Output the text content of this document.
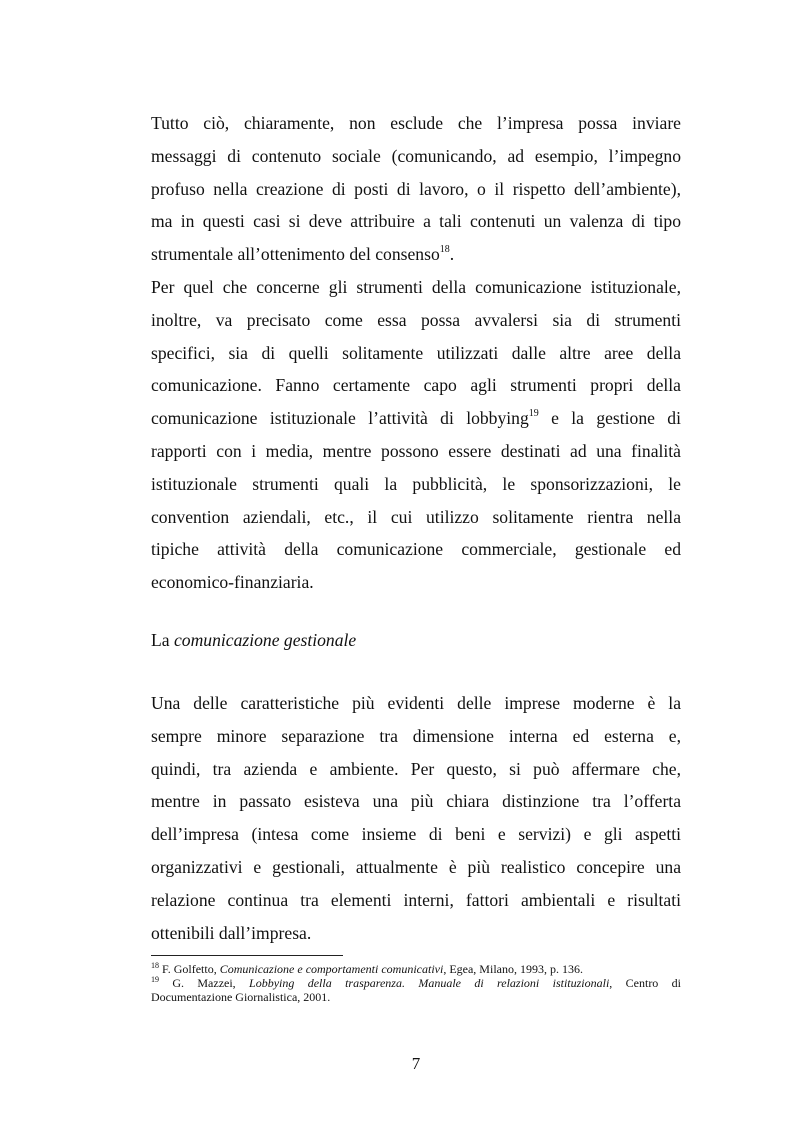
Tutto ciò, chiaramente, non esclude che l’impresa possa inviare
messaggi di contenuto sociale (comunicando, ad esempio, l’impegno
profuso nella creazione di posti di lavoro, o il rispetto dell’ambiente),
ma in questi casi si deve attribuire a tali contenuti un valenza di tipo
strumentale all’ottenimento del consenso$^{18}$.
Per quel che concerne gli strumenti della comunicazione istituzionale,
inoltre, va precisato come essa possa avvalersi sia di strumenti
specifici, sia di quelli solitamente utilizzati dalle altre aree della
comunicazione. Fanno certamente capo agli strumenti propri della
comunicazione istituzionale l’attività di lobbying$^{19}$ e la gestione di
rapporti con i media, mentre possono essere destinati ad una finalità
istituzionale strumenti quali la pubblicità, le sponsorizzazioni, le
convention aziendali, etc., il cui utilizzo solitamente rientra nella
tipiche attività della comunicazione commerciale, gestionale ed
economico-finanziaria.
La comunicazione gestionale
Una delle caratteristiche più evidenti delle imprese moderne è la
sempre minore separazione tra dimensione interna ed esterna e,
quindi, tra azienda e ambiente. Per questo, si può affermare che,
mentre in passato esisteva una più chiara distinzione tra l’offerta
dell’impresa (intesa come insieme di beni e servizi) e gli aspetti
organizzativi e gestionali, attualmente è più realistico concepire una
relazione continua tra elementi interni, fattori ambientali e risultati
ottenibili dall’impresa.
$^{18}$ F. Golfetto, Comunicazione e comportamenti comunicativi, Egea, Milano, 1993, p. 136.
$^{19}$ G. Mazzei, Lobbying della trasparenza. Manuale di relazioni istituzionali, Centro di
Documentazione Giornalistica, 2001.
7
